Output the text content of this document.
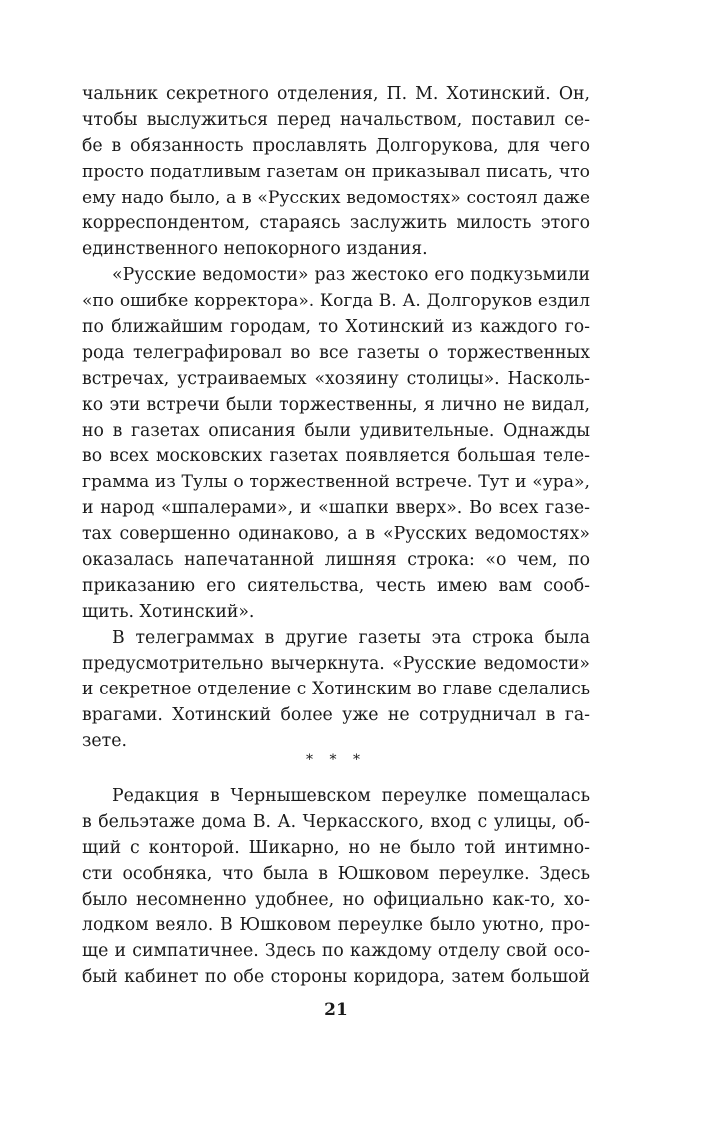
чальник секретного отделения, П. М. Хотинский. Он,
чтобы выслужиться перед начальством, поставил се-
бе в обязанность прославлять Долгорукова, для чего
просто податливым газетам он приказывал писать, что
ему надо было, а в «Русских ведомостях» состоял даже
корреспондентом, стараясь заслужить милость этого
единственного непокорного издания.
«Русские ведомости» раз жестоко его подкузьмили
«по ошибке корректора». Когда В. А. Долгоруков ездил
по ближайшим городам, то Хотинский из каждого го-
рода телеграфировал во все газеты о торжественных
встречах, устраиваемых «хозяину столицы». Насколь-
ко эти встречи были торжественны, я лично не видал,
но в газетах описания были удивительные. Однажды
во всех московских газетах появляется большая теле-
грамма из Тулы о торжественной встрече. Тут и «ура»,
и народ «шпалерами», и «шапки вверх». Во всех газе-
тах совершенно одинаково, а в «Русских ведомостях»
оказалась напечатанной лишняя строка: «о чем, по
приказанию его сиятельства, честь имею вам сооб-
щить. Хотинский».
В телеграммах в другие газеты эта строка была
предусмотрительно вычеркнута. «Русские ведомости»
и секретное отделение с Хотинским во главе сделались
врагами. Хотинский более уже не сотрудничал в га-
зете.
* * *
Редакция в Чернышевском переулке помещалась
в бельэтаже дома В. А. Черкасского, вход с улицы, об-
щий с конторой. Шикарно, но не было той интимно-
сти особняка, что была в Юшковом переулке. Здесь
было несомненно удобнее, но официально как-то, хо-
лодком веяло. В Юшковом переулке было уютно, про-
ще и симпатичнее. Здесь по каждому отделу свой осо-
бый кабинет по обе стороны коридора, затем большой
21
